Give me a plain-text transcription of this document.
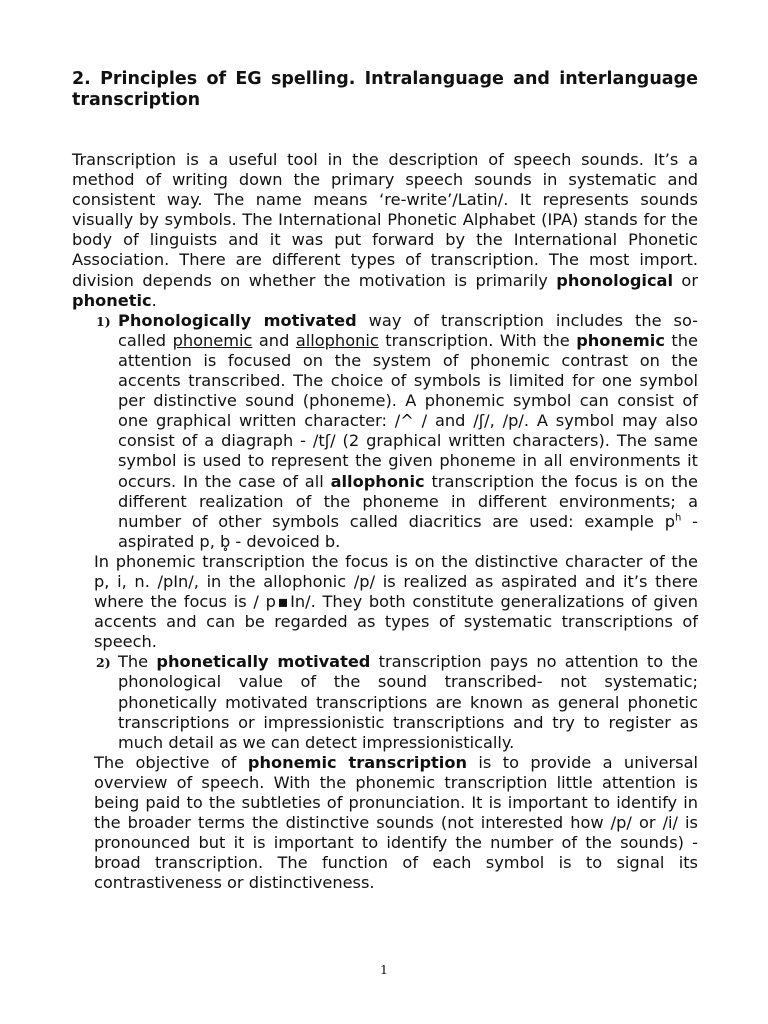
2. Principles of EG spelling. Intralanguage and interlanguage transcription

Transcription is a useful tool in the description of speech sounds. It’s a method of writing down the primary speech sounds in systematic and consistent way. The name means ‘re-write’/Latin/. It represents sounds visually by symbols. The International Phonetic Alphabet (IPA) stands for the body of linguists and it was put forward by the International Phonetic Association. There are different types of transcription. The most import. division depends on whether the motivation is primarily phonological or phonetic.

1) Phonologically motivated way of transcription includes the so-called phonemic and allophonic transcription. With the phonemic the attention is focused on the system of phonemic contrast on the accents transcribed. The choice of symbols is limited for one symbol per distinctive sound (phoneme). A phonemic symbol can consist of one graphical written character: /^ / and /ʃ/, /p/. A symbol may also consist of a diagraph - /tʃ/ (2 graphical written characters). The same symbol is used to represent the given phoneme in all environments it occurs. In the case of all allophonic transcription the focus is on the different realization of the phoneme in different environments; a number of other symbols called diacritics are used: example $p^h$ - aspirated p, b̥ - devoiced b.

In phonemic transcription the focus is on the distinctive character of the p, i, n. /pIn/, in the allophonic /p/ is realized as aspirated and it’s there where the focus is / p▪In/. They both constitute generalizations of given accents and can be regarded as types of systematic transcriptions of speech.

2) The phonetically motivated transcription pays no attention to the phonological value of the sound transcribed- not systematic; phonetically motivated transcriptions are known as general phonetic transcriptions or impressionistic transcriptions and try to register as much detail as we can detect impressionistically.

The objective of phonemic transcription is to provide a universal overview of speech. With the phonemic transcription little attention is being paid to the subtleties of pronunciation. It is important to identify in the broader terms the distinctive sounds (not interested how /p/ or /i/ is pronounced but it is important to identify the number of the sounds) - broad transcription. The function of each symbol is to signal its contrastiveness or distinctiveness.

1
